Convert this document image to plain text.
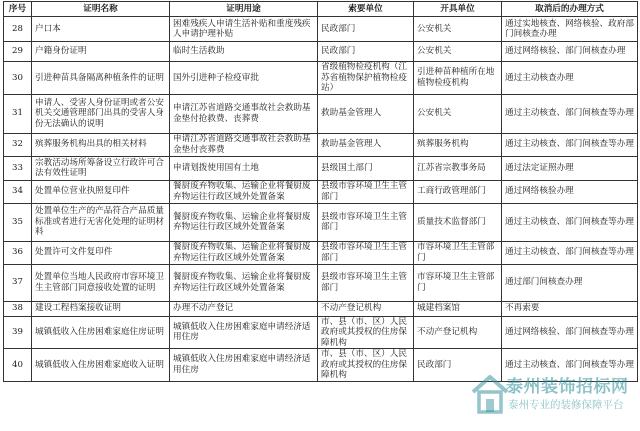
序号	证明名称	证明用途	索要单位	开具单位	取消后的办理方式
28	户口本	困难残疾人申请生活补贴和重度残疾人申请护理补贴	民政部门	公安机关	通过实地核查、网络核验、政府部门间核查办理
29	户籍身份证明	临时生活救助	民政部门	公安机关	通过网络核验、部门间核查办理
30	引进种苗具备隔离种植条件的证明	国外引进种子检疫审批	省级植物检疫机构（江苏省植物保护植物检疫站）	引进种苗种植所在地植物检疫机构	通过主动核查办理
31	申请人、受害人身份证明或者公安机关交通管理部门出具的受害人身份无法确认的说明	申请江苏省道路交通事故社会救助基金垫付抢救费、丧葬费	救助基金管理人	公安机关	通过主动核查、部门间核查等办理
32	殡葬服务机构出具的相关材料	申请江苏省道路交通事故社会救助基金垫付丧葬费	救助基金管理人	殡葬服务机构	通过主动核查、部门间核查等办理
33	宗教活动场所筹备设立行政许可合法有效性证明	申请划拨使用国有土地	县级国土部门	江苏省宗教事务局	通过法定证照办理
34	处置单位营业执照复印件	餐厨废弃物收集、运输企业将餐厨废弃物运往行政区域外处置备案	县级市容环境卫生主管部门	工商行政管理部门	通过网络核验办理
35	处置单位生产的产品符合产品质量标准或者进行无害化处理的证明材料	餐厨废弃物收集、运输企业将餐厨废弃物运往行政区域外处置备案	县级市容环境卫生主管部门	质量技术监督部门	通过主动核查、部门间核查等办理
36	处置许可文件复印件	餐厨废弃物收集、运输企业将餐厨废弃物运往行政区域外处置备案	县级市容环境卫生主管部门	市容环境卫生主管部门	通过主动核查、部门间核查等办理
37	处置单位当地人民政府市容环境卫生主管部门同意接收处置的证明	餐厨废弃物收集、运输企业将餐厨废弃物运往行政区域外处置备案	县级市容环境卫生主管部门	市容环境卫生主管部门	通过部门间核查办理
38	建设工程档案接收证明	办理不动产登记	不动产登记机构	城建档案馆	不再索要
39	城镇低收入住房困难家庭住房证明	城镇低收入住房困难家庭申请经济适用住房	市、县（市、区）人民政府或其授权的住房保障机构	不动产登记机构	通过网络核验、部门间核查等办理
40	城镇低收入住房困难家庭收入证明	城镇低收入住房困难家庭申请经济适用住房	市、县（市、区）人民政府或其授权的住房保障机构	民政部门	通过主动核查、部门间核查等办理
泰州装饰招标网
泰州专业的装修保障平台
